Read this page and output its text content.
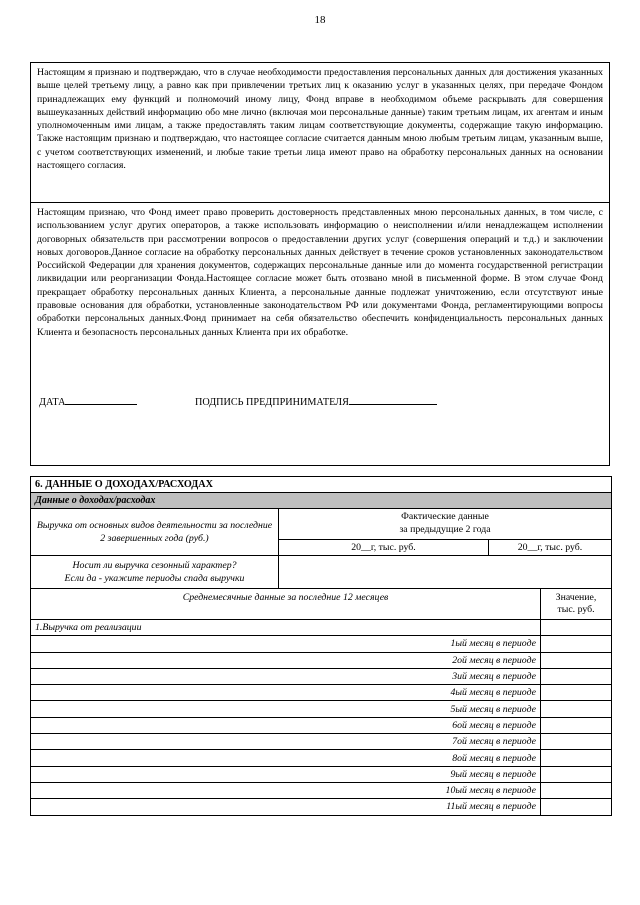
18
Настоящим я признаю и подтверждаю, что в случае необходимости предоставления персональных данных для достижения указанных выше целей третьему лицу, а равно как при привлечении третьих лиц к оказанию услуг в указанных целях, при передаче Фондом принадлежащих ему функций и полномочий иному лицу, Фонд вправе в необходимом объеме раскрывать для совершения вышеуказанных действий информацию обо мне лично (включая мои персональные данные) таким третьим лицам, их агентам и иным уполномоченным ими лицам, а также предоставлять таким лицам соответствующие документы, содержащие такую информацию. Также настоящим признаю и подтверждаю, что настоящее согласие считается данным мною любым третьим лицам, указанным выше, с учетом соответствующих изменений, и любые такие третьи лица имеют право на обработку персональных данных на основании настоящего согласия.

Настоящим признаю, что Фонд имеет право проверить достоверность представленных мною персональных данных, в том числе, с использованием услуг других операторов, а также использовать информацию о неисполнении и/или ненадлежащем исполнении договорных обязательств при рассмотрении вопросов о предоставлении других услуг (совершения операций и т.д.) и заключении новых договоров.Данное согласие на обработку персональных данных действует в течение сроков установленных законодательством Российской Федерации для хранения документов, содержащих персональные данные или до момента государственной регистрации ликвидации или реорганизации Фонда.Настоящее согласие может быть отозвано мной в письменной форме. В этом случае Фонд прекращает обработку персональных данных Клиента, а персональные данные подлежат уничтожению, если отсутствуют иные правовые основания для обработки, установленные законодательством РФ или документами Фонда, регламентирующими вопросы обработки персональных данных.Фонд принимает на себя обязательство обеспечить конфиденциальность персональных данных Клиента и безопасность персональных данных Клиента при их обработке.
ДАТА	ПОДПИСЬ ПРЕДПРИНИМАТЕЛЯ
6. ДАННЫЕ О ДОХОДАХ/РАСХОДАХ			
Данные о доходах/расходах			
Выручка от основных видов деятельности за последние 2 завершенных года (руб.)	Фактические данные
за предыдущие 2 года		

	20__г, тыс. руб.	20__г, тыс. руб.	

Носит ли выручка сезонный характер?
Если да - укажите периоды спада выручки			

Среднемесячные данные за последние 12 месяцев			Значение,
тыс. руб.

1.Выручка от реализации			
1ый месяц в периоде			
2ой месяц в периоде			
3ий месяц в периоде			
4ый месяц в периоде			
5ый месяц в периоде			
6ой месяц в периоде			
7ой месяц в периоде			
8ой месяц в периоде			
9ый месяц в периоде			
10ый месяц в периоде			
11ый месяц в периоде			
